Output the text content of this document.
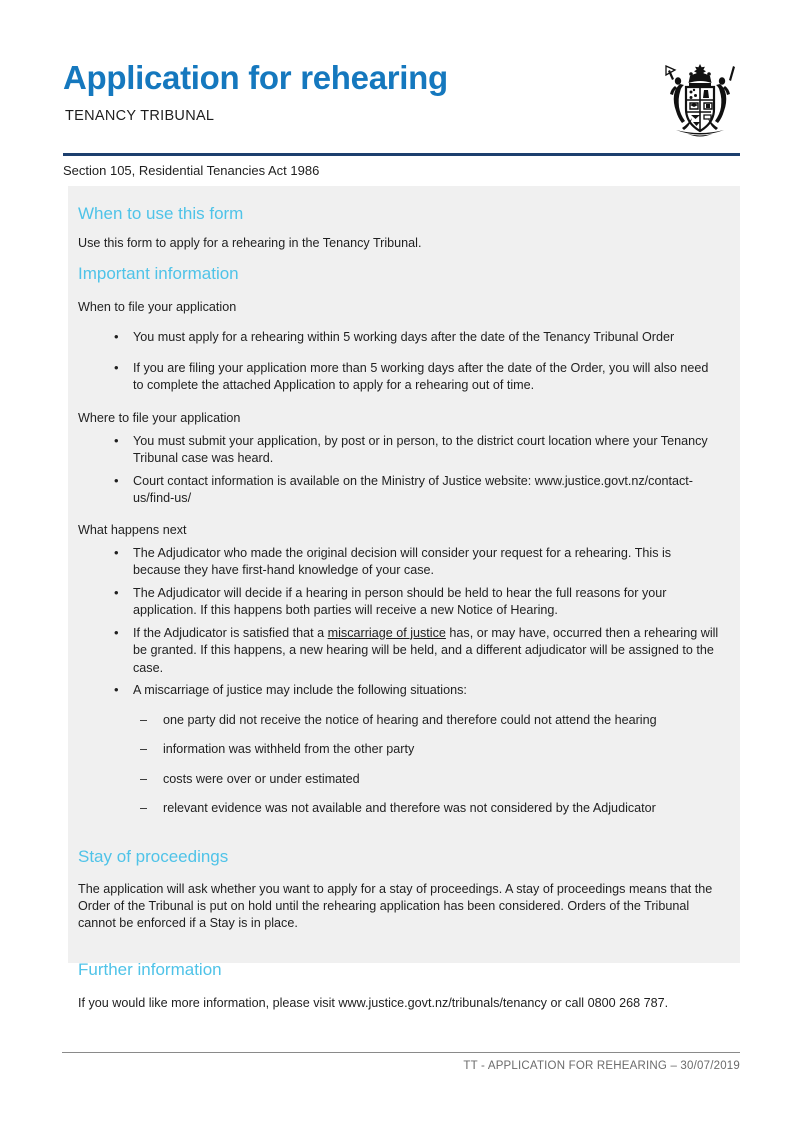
Application for rehearing
TENANCY TRIBUNAL
Section 105, Residential Tenancies Act 1986
When to use this form

Use this form to apply for a rehearing in the Tenancy Tribunal.

Important information

When to file your application

• You must apply for a rehearing within 5 working days after the date of the Tenancy Tribunal Order
• If you are filing your application more than 5 working days after the date of the Order, you will also need to complete the attached Application to apply for a rehearing out of time.

Where to file your application

• You must submit your application, by post or in person, to the district court location where your Tenancy Tribunal case was heard.
• Court contact information is available on the Ministry of Justice website: www.justice.govt.nz/contact-us/find-us/

What happens next

• The Adjudicator who made the original decision will consider your request for a rehearing. This is because they have first-hand knowledge of your case.
• The Adjudicator will decide if a hearing in person should be held to hear the full reasons for your application. If this happens both parties will receive a new Notice of Hearing.
• If the Adjudicator is satisfied that a miscarriage of justice has, or may have, occurred then a rehearing will be granted. If this happens, a new hearing will be held, and a different adjudicator will be assigned to the case.
• A miscarriage of justice may include the following situations:
– one party did not receive the notice of hearing and therefore could not attend the hearing
– information was withheld from the other party
– costs were over or under estimated
– relevant evidence was not available and therefore was not considered by the Adjudicator
Stay of proceedings

The application will ask whether you want to apply for a stay of proceedings. A stay of proceedings means that the Order of the Tribunal is put on hold until the rehearing application has been considered. Orders of the Tribunal cannot be enforced if a Stay is in place.

Further information

If you would like more information, please visit www.justice.govt.nz/tribunals/tenancy or call 0800 268 787.

TT - APPLICATION FOR REHEARING – 30/07/2019
